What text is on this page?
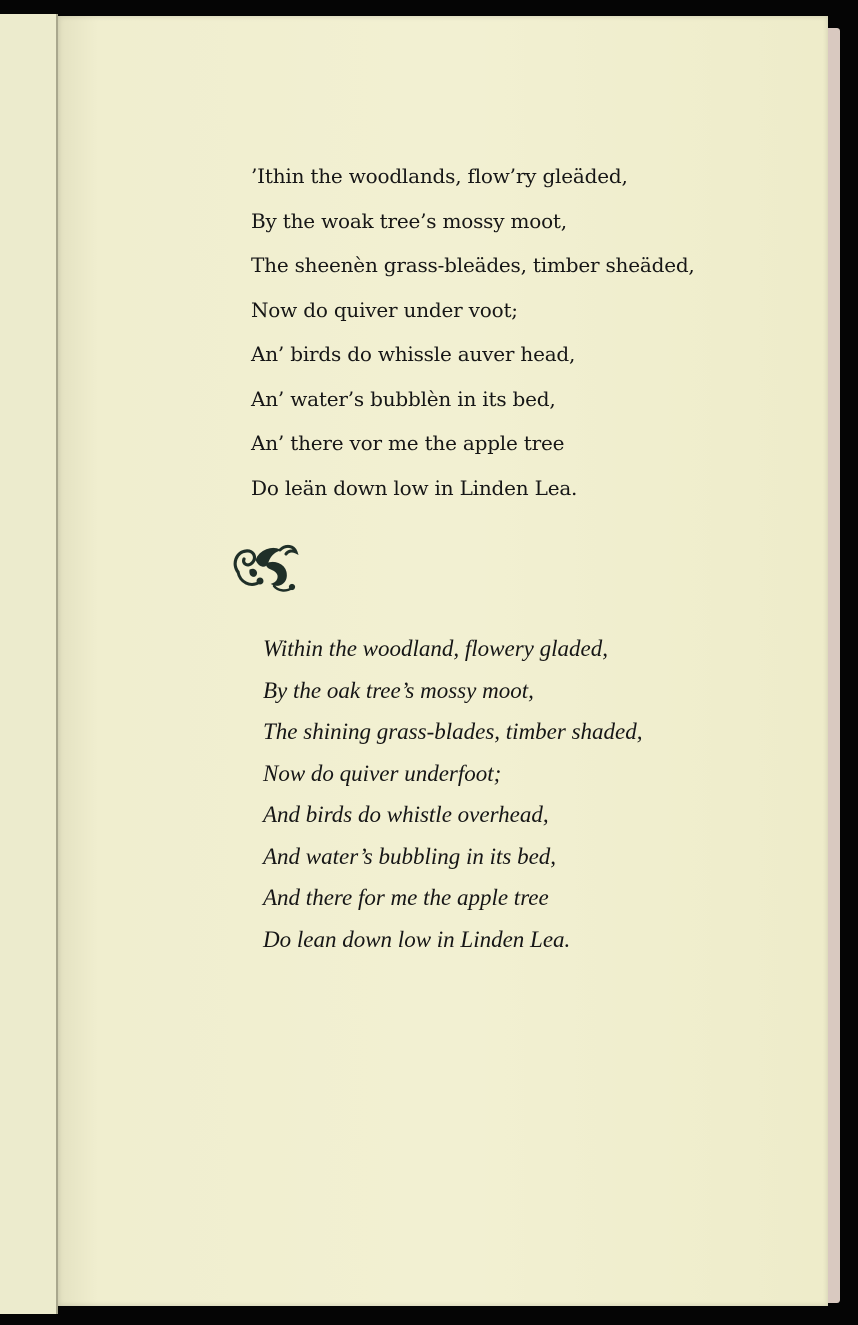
’Ithin the woodlands, flow’ry gleäded,
By the woak tree’s mossy moot,
The sheenèn grass-bleädes, timber sheäded,
Now do quiver under voot;
An’ birds do whissle auver head,
An’ water’s bubblèn in its bed,
An’ there vor me the apple tree
Do leän down low in Linden Lea.
Within the woodland, flowery gladed,
By the oak tree’s mossy moot,
The shining grass-blades, timber shaded,
Now do quiver underfoot;
And birds do whistle overhead,
And water’s bubbling in its bed,
And there for me the apple tree
Do lean down low in Linden Lea.
